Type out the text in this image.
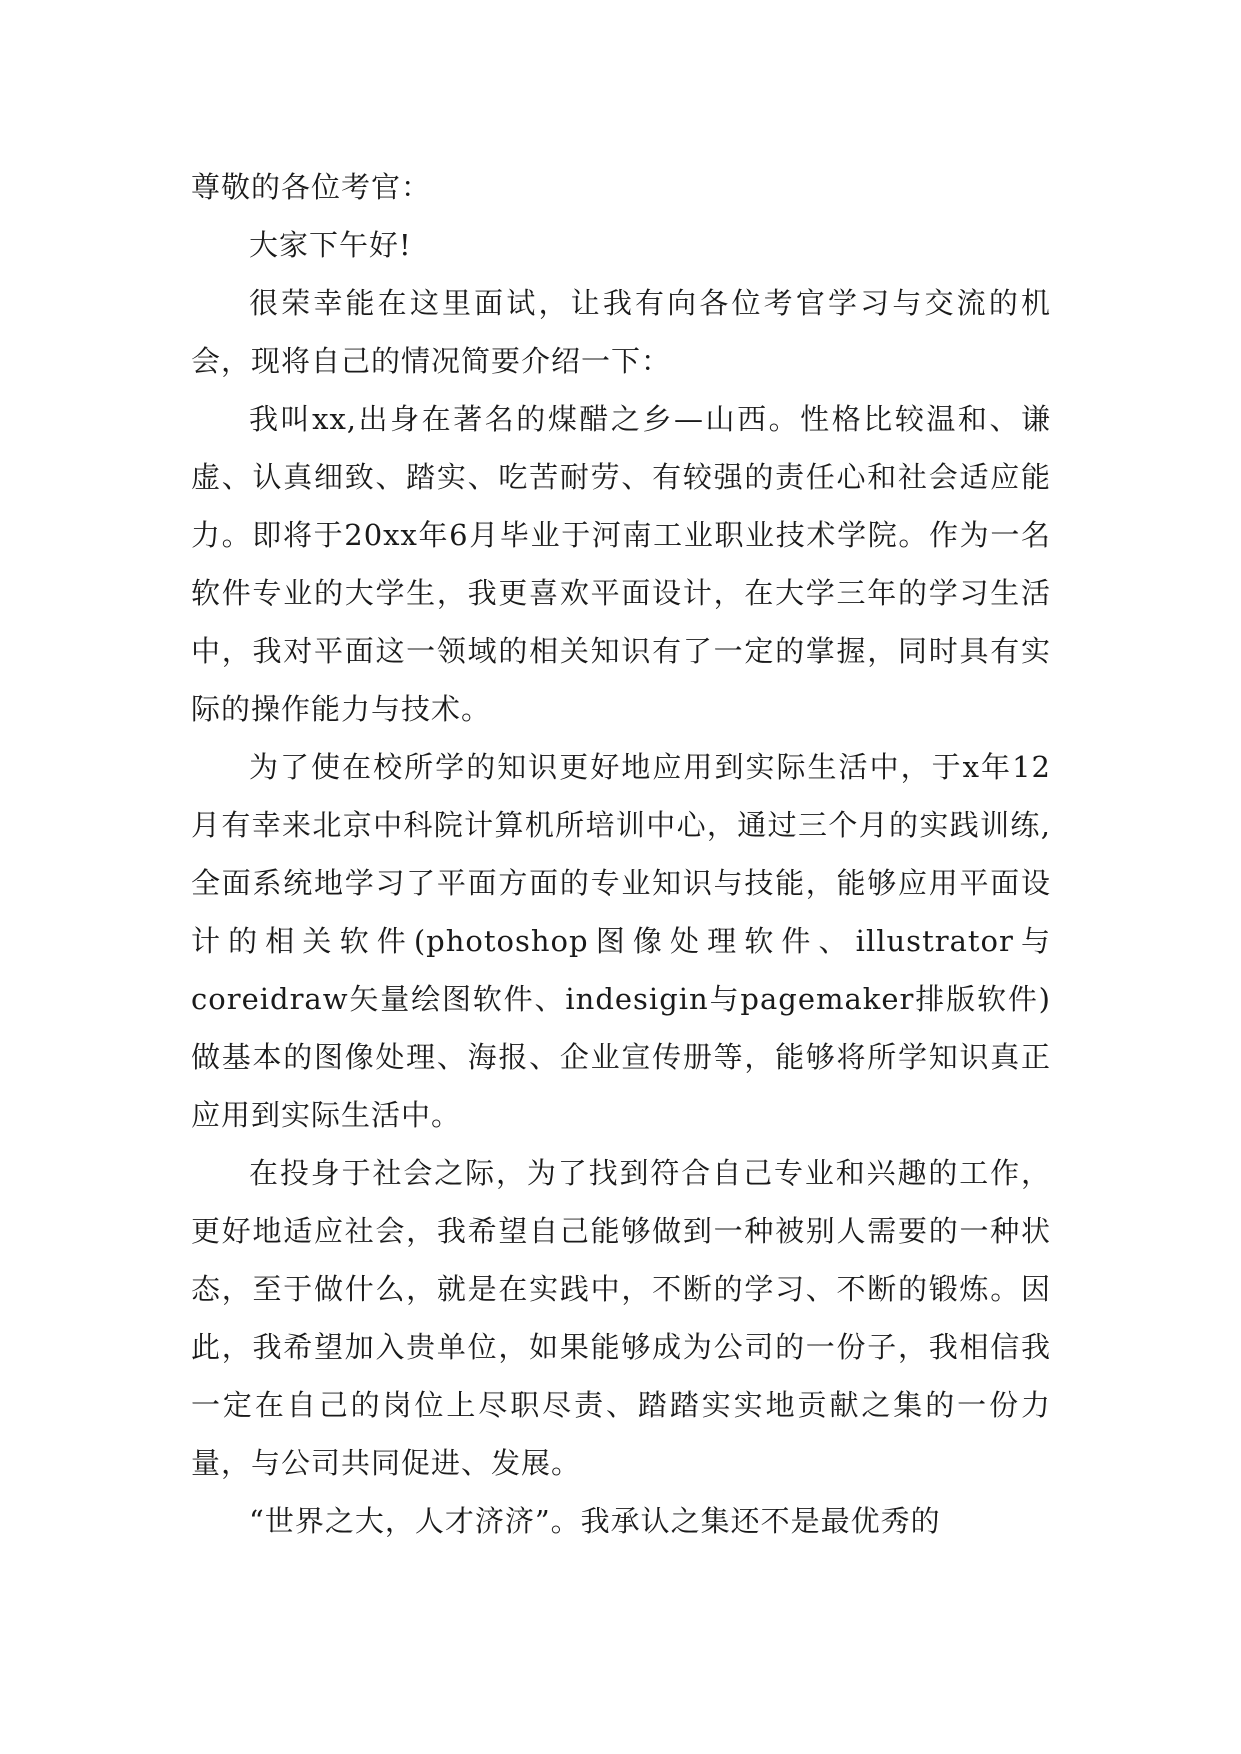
尊敬的各位考官：

大家下午好!

很荣幸能在这里面试，让我有向各位考官学习与交流的机会，现将自己的情况简要介绍一下：

我叫xx,出身在著名的煤醋之乡—山西。性格比较温和、谦虚、认真细致、踏实、吃苦耐劳、有较强的责任心和社会适应能力。即将于20xx年6月毕业于河南工业职业技术学院。作为一名软件专业的大学生，我更喜欢平面设计，在大学三年的学习生活中，我对平面这一领域的相关知识有了一定的掌握，同时具有实际的操作能力与技术。

为了使在校所学的知识更好地应用到实际生活中，于x年12月有幸来北京中科院计算机所培训中心，通过三个月的实践训练,全面系统地学习了平面方面的专业知识与技能，能够应用平面设计的相关软件(photoshop图像处理软件、illustrator与coreidraw矢量绘图软件、indesigin与pagemaker排版软件)做基本的图像处理、海报、企业宣传册等，能够将所学知识真正应用到实际生活中。

在投身于社会之际，为了找到符合自己专业和兴趣的工作，更好地适应社会，我希望自己能够做到一种被别人需要的一种状态，至于做什么，就是在实践中，不断的学习、不断的锻炼。因此，我希望加入贵单位，如果能够成为公司的一份子，我相信我一定在自己的岗位上尽职尽责、踏踏实实地贡献之集的一份力量，与公司共同促进、发展。

“世界之大，人才济济”。我承认之集还不是最优秀的
